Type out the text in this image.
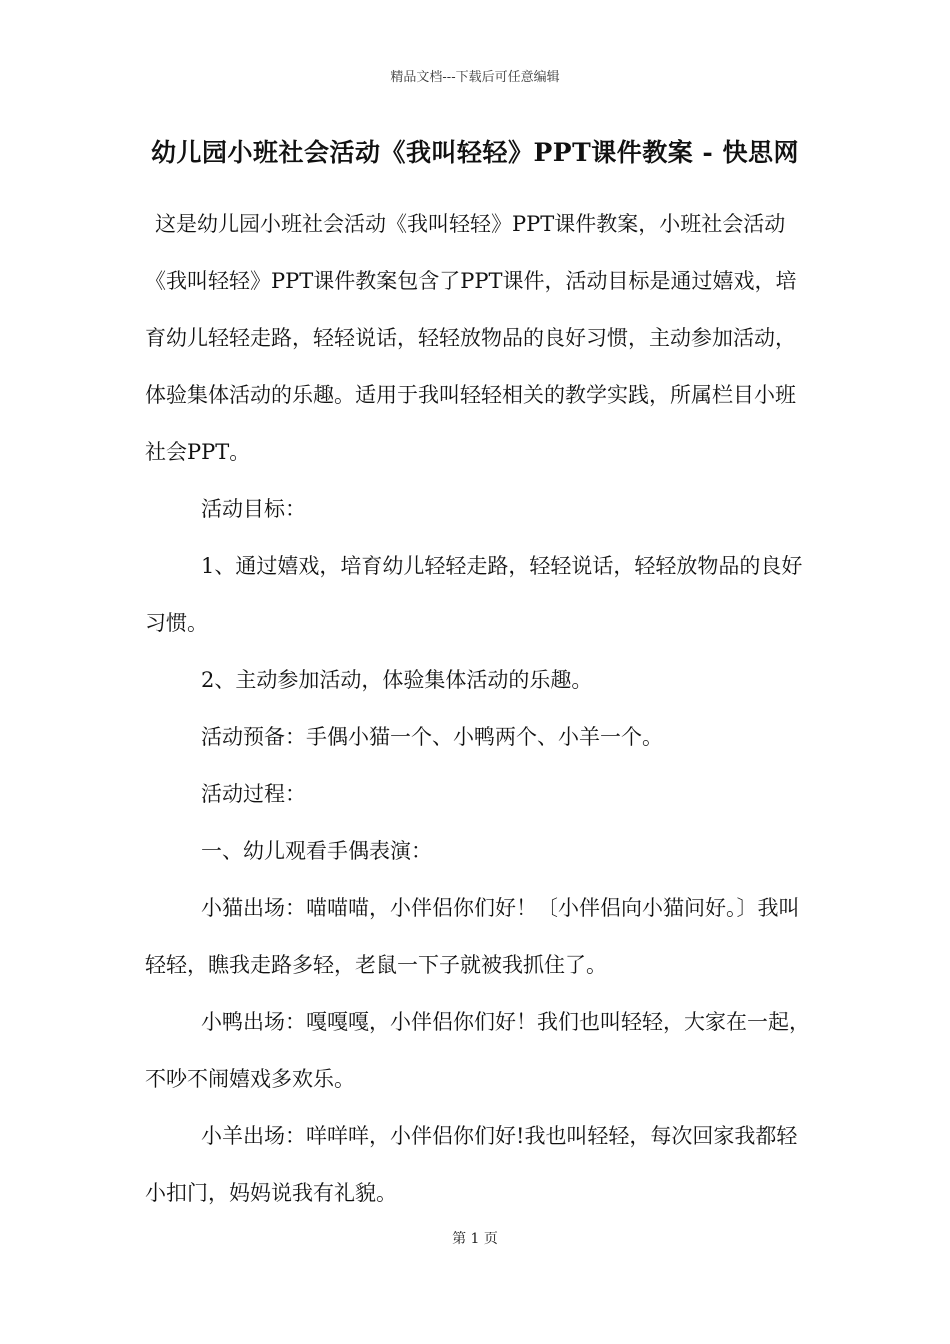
精品文档---下载后可任意编辑
幼儿园小班社会活动《我叫轻轻》PPT课件教案 - 快思网

这是幼儿园小班社会活动《我叫轻轻》PPT课件教案，小班社会活动《我叫轻轻》PPT课件教案包含了PPT课件，活动目标是通过嬉戏，培育幼儿轻轻走路，轻轻说话，轻轻放物品的良好习惯，主动参加活动，体验集体活动的乐趣。适用于我叫轻轻相关的教学实践，所属栏目小班社会PPT。

活动目标：

1、通过嬉戏，培育幼儿轻轻走路，轻轻说话，轻轻放物品的良好习惯。

2、主动参加活动，体验集体活动的乐趣。

活动预备：手偶小猫一个、小鸭两个、小羊一个。

活动过程：

一、幼儿观看手偶表演：

小猫出场：喵喵喵，小伴侣你们好！〔小伴侣向小猫问好。〕我叫轻轻，瞧我走路多轻，老鼠一下子就被我抓住了。

小鸭出场：嘎嘎嘎，小伴侣你们好！我们也叫轻轻，大家在一起，不吵不闹嬉戏多欢乐。

小羊出场：咩咩咩，小伴侣你们好!我也叫轻轻，每次回家我都轻小扣门，妈妈说我有礼貌。

第 1 页
